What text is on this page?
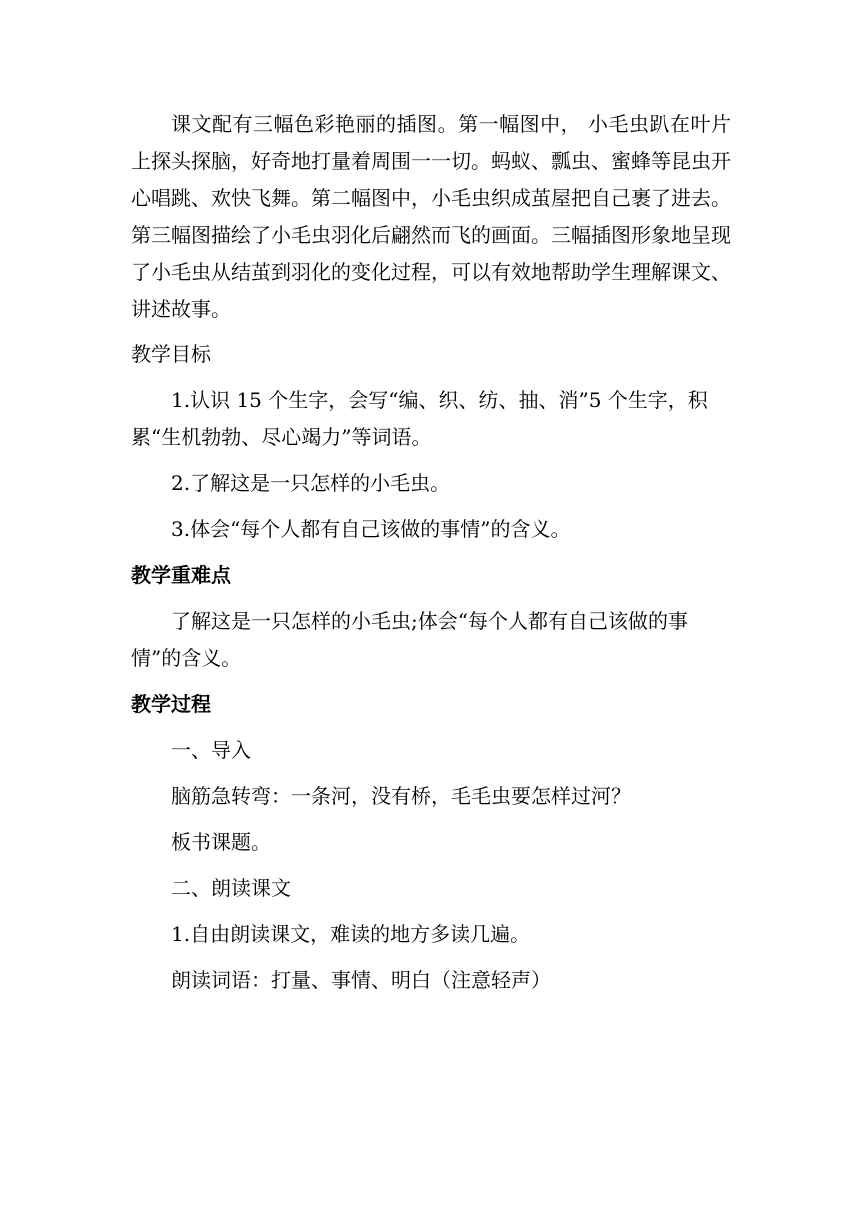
课文配有三幅色彩艳丽的插图。第一幅图中， 小毛虫趴在叶片上探头探脑，好奇地打量着周围一一切。蚂蚁、瓢虫、蜜蜂等昆虫开心唱跳、欢快飞舞。第二幅图中，小毛虫织成茧屋把自己裹了进去。第三幅图描绘了小毛虫羽化后翩然而飞的画面。三幅插图形象地呈现了小毛虫从结茧到羽化的变化过程，可以有效地帮助学生理解课文、讲述故事。

教学目标

1.认识 15 个生字，会写“编、织、纺、抽、消”5 个生字，积累“生机勃勃、尽心竭力”等词语。

2.了解这是一只怎样的小毛虫。

3.体会“每个人都有自己该做的事情”的含义。

教学重难点

了解这是一只怎样的小毛虫;体会“每个人都有自己该做的事情”的含义。

教学过程

一、导入

脑筋急转弯：一条河，没有桥，毛毛虫要怎样过河？

板书课题。

二、朗读课文

1.自由朗读课文，难读的地方多读几遍。

朗读词语：打量、事情、明白（注意轻声）
